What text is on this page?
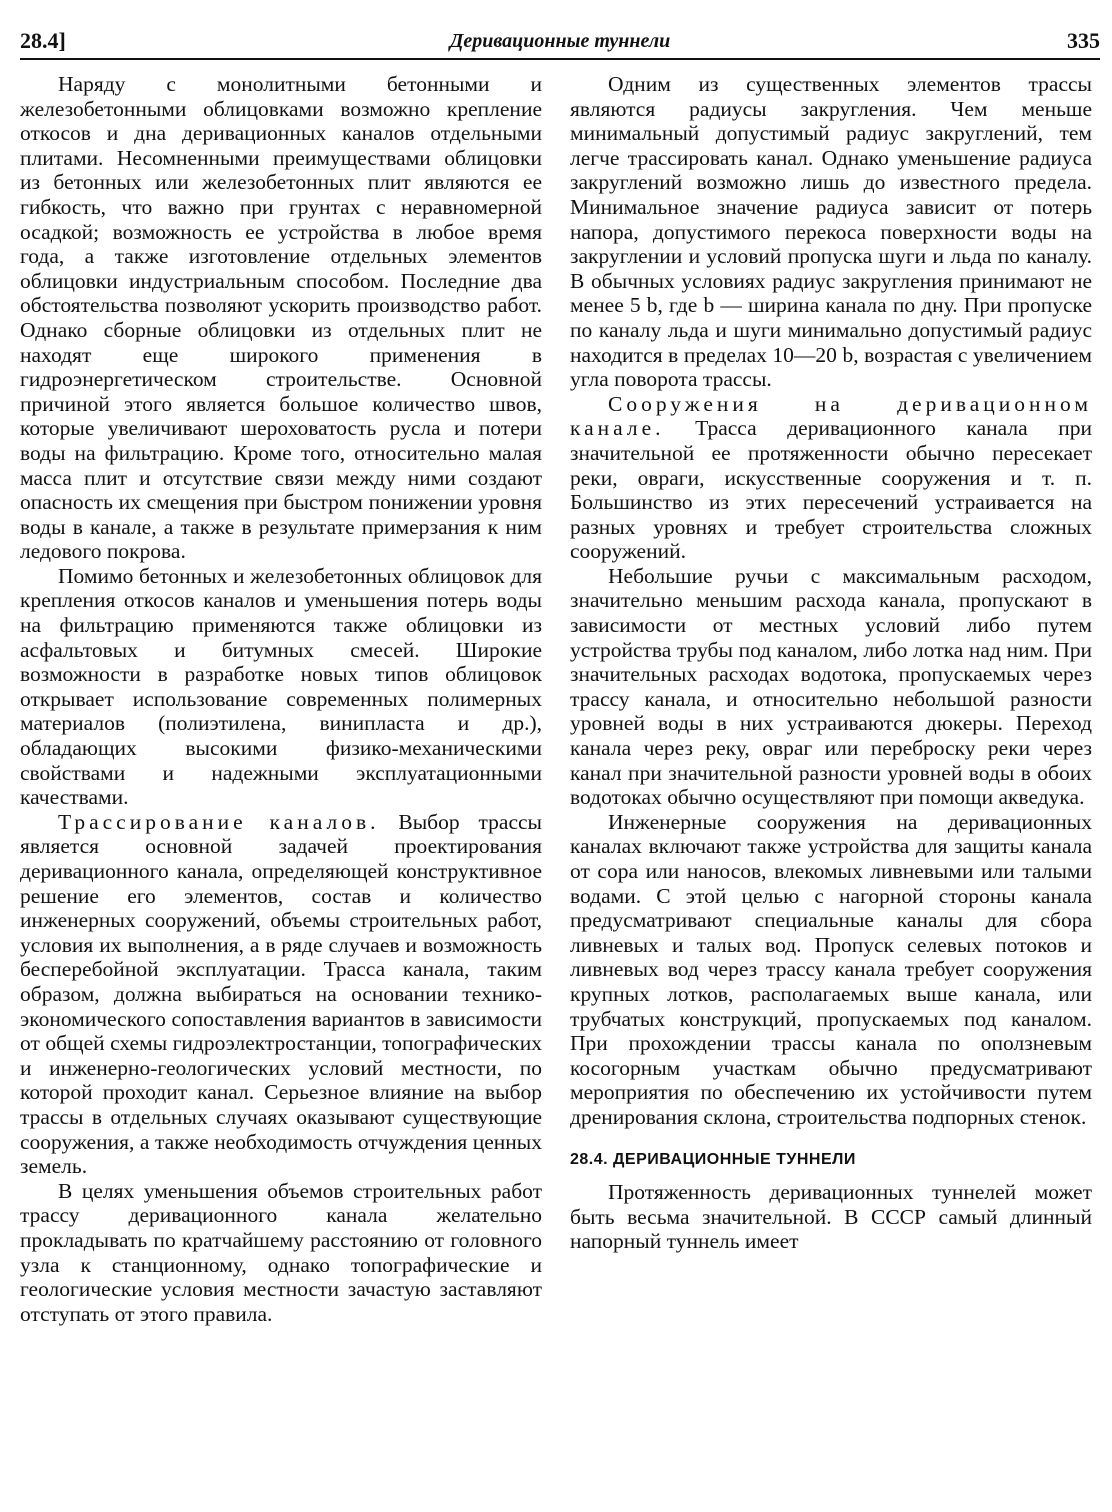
28.4]	Деривационные туннели	335

Наряду с монолитными бетонными и железобетонными облицовками возможно крепление откосов и дна деривационных каналов отдельными плитами. Несомненными преимуществами облицовки из бетонных или железобетонных плит являются ее гибкость, что важно при грунтах с неравномерной осадкой; возможность ее устройства в любое время года, а также изготовление отдельных элементов облицовки индустриальным способом. Последние два обстоятельства позволяют ускорить производство работ. Однако сборные облицовки из отдельных плит не находят еще широкого применения в гидроэнергетическом строительстве. Основной причиной этого является большое количество швов, которые увеличивают шероховатость русла и потери воды на фильтрацию. Кроме того, относительно малая масса плит и отсутствие связи между ними создают опасность их смещения при быстром понижении уровня воды в канале, а также в результате примерзания к ним ледового покрова.

Помимо бетонных и железобетонных облицовок для крепления откосов каналов и уменьшения потерь воды на фильтрацию применяются также облицовки из асфальтовых и битумных смесей. Широкие возможности в разработке новых типов облицовок открывает использование современных полимерных материалов (полиэтилена, винипласта и др.), обладающих высокими физико-механическими свойствами и надежными эксплуатационными качествами.

Трассирование каналов. Выбор трассы является основной задачей проектирования деривационного канала, определяющей конструктивное решение его элементов, состав и количество инженерных сооружений, объемы строительных работ, условия их выполнения, а в ряде случаев и возможность бесперебойной эксплуатации. Трасса канала, таким образом, должна выбираться на основании технико-экономического сопоставления вариантов в зависимости от общей схемы гидроэлектростанции, топографических и инженерно-геологических условий местности, по которой проходит канал. Серьезное влияние на выбор трассы в отдельных случаях оказывают существующие сооружения, а также необходимость отчуждения ценных земель.

В целях уменьшения объемов строительных работ трассу деривационного канала желательно прокладывать по кратчайшему расстоянию от головного узла к станционному, однако топографические и геологические условия местности зачастую заставляют отступать от этого правила.

Одним из существенных элементов трассы являются радиусы закругления. Чем меньше минимальный допустимый радиус закруглений, тем легче трассировать канал. Однако уменьшение радиуса закруглений возможно лишь до известного предела. Минимальное значение радиуса зависит от потерь напора, допустимого перекоса поверхности воды на закруглении и условий пропуска шуги и льда по каналу. В обычных условиях радиус закругления принимают не менее 5 b, где b — ширина канала по дну. При пропуске по каналу льда и шуги минимально допустимый радиус находится в пределах 10—20 b, возрастая с увеличением угла поворота трассы.

Сооружения на деривационном канале. Трасса деривационного канала при значительной ее протяженности обычно пересекает реки, овраги, искусственные сооружения и т. п. Большинство из этих пересечений устраивается на разных уровнях и требует строительства сложных сооружений.

Небольшие ручьи с максимальным расходом, значительно меньшим расхода канала, пропускают в зависимости от местных условий либо путем устройства трубы под каналом, либо лотка над ним. При значительных расходах водотока, пропускаемых через трассу канала, и относительно небольшой разности уровней воды в них устраиваются дюкеры. Переход канала через реку, овраг или переброску реки через канал при значительной разности уровней воды в обоих водотоках обычно осуществляют при помощи акведука.

Инженерные сооружения на деривационных каналах включают также устройства для защиты канала от сора или наносов, влекомых ливневыми или талыми водами. С этой целью с нагорной стороны канала предусматривают специальные каналы для сбора ливневых и талых вод. Пропуск селевых потоков и ливневых вод через трассу канала требует сооружения крупных лотков, располагаемых выше канала, или трубчатых конструкций, пропускаемых под каналом. При прохождении трассы канала по оползневым косогорным участкам обычно предусматривают мероприятия по обеспечению их устойчивости путем дренирования склона, строительства подпорных стенок.

28.4. ДЕРИВАЦИОННЫЕ ТУННЕЛИ

Протяженность деривационных туннелей может быть весьма значительной. В СССР самый длинный напорный туннель имеет
